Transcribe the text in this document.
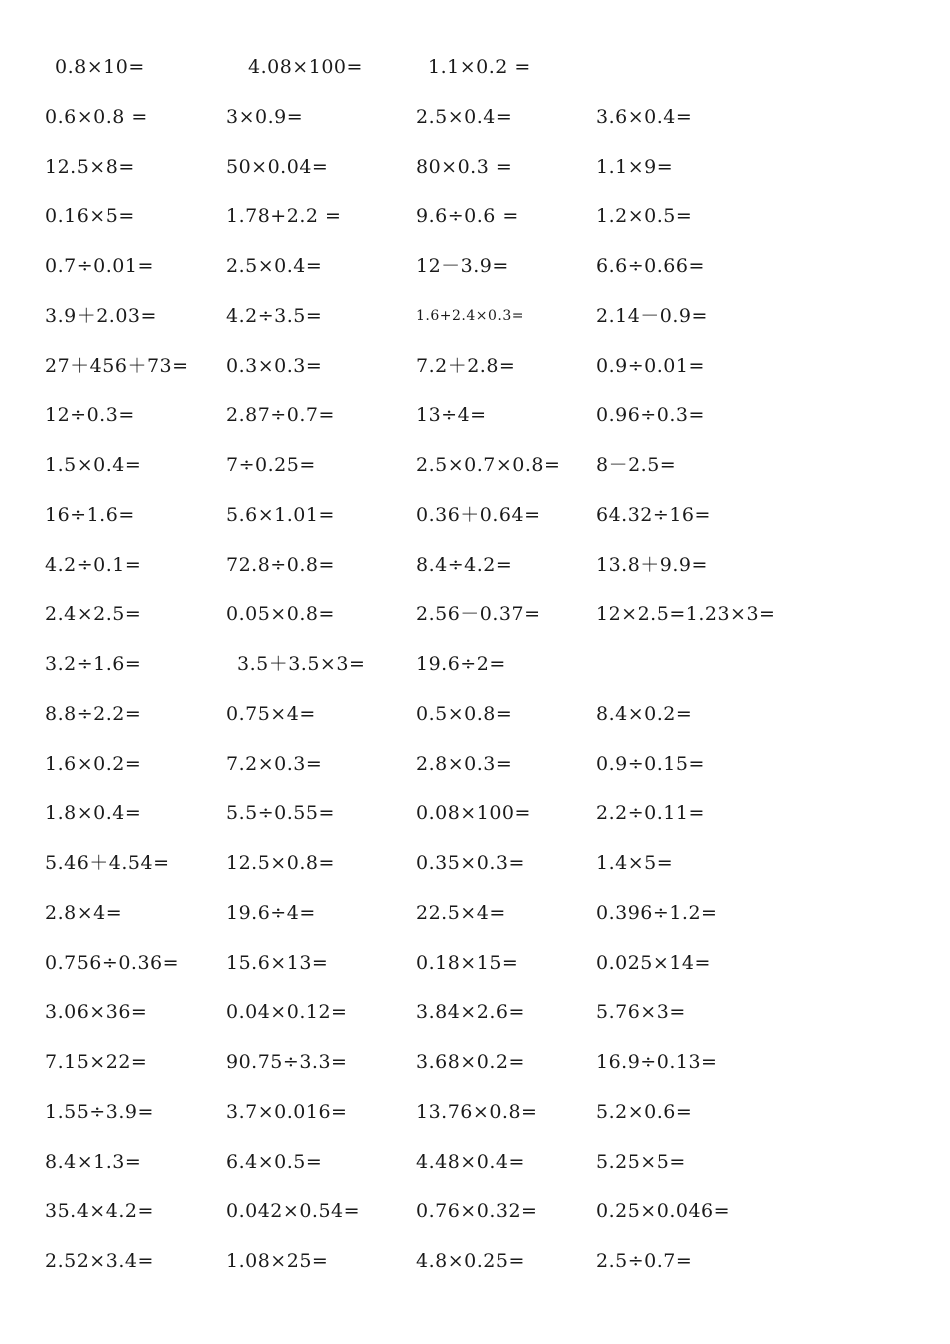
0.8×10=	4.08×100=	1.1×0.2 =
0.6×0.8 =	3×0.9=	2.5×0.4=	3.6×0.4=
12.5×8=	50×0.04=	80×0.3 =	1.1×9=
0.16×5=	1.78+2.2 =	9.6÷0.6 =	1.2×0.5=
0.7÷0.01=	2.5×0.4=	12－3.9=	6.6÷0.66=
3.9＋2.03=	4.2÷3.5=	1.6+2.4×0.3=	2.14－0.9=
27＋456＋73= 0.3×0.3=	7.2＋2.8=	0.9÷0.01=
12÷0.3=	2.87÷0.7=	13÷4=	0.96÷0.3=
1.5×0.4=	7÷0.25=	2.5×0.7×0.8= 8－2.5=
16÷1.6=	5.6×1.01=	0.36＋0.64=	64.32÷16=
4.2÷0.1=	72.8÷0.8=	8.4÷4.2=	13.8＋9.9=
2.4×2.5=	0.05×0.8=	2.56－0.37=	12×2.5=1.23×3=
3.2÷1.6=	3.5＋3.5×3=	19.6÷2=
8.8÷2.2=	0.75×4=	0.5×0.8=	8.4×0.2=
1.6×0.2=	7.2×0.3=	2.8×0.3=	0.9÷0.15=
1.8×0.4=	5.5÷0.55=	0.08×100=	2.2÷0.11=
5.46＋4.54=	12.5×0.8=	0.35×0.3=	1.4×5=
2.8×4=	19.6÷4=	22.5×4=	0.396÷1.2=
0.756÷0.36= 15.6×13=	0.18×15=	0.025×14=
3.06×36=	0.04×0.12=	3.84×2.6=	5.76×3=
7.15×22=	90.75÷3.3=	3.68×0.2=	16.9÷0.13=
1.55÷3.9=	3.7×0.016=	13.76×0.8=	5.2×0.6=
8.4×1.3=	6.4×0.5=	4.48×0.4=	5.25×5=
35.4×4.2=	0.042×0.54=	0.76×0.32=	0.25×0.046=
2.52×3.4=	1.08×25=	4.8×0.25=	2.5÷0.7=
